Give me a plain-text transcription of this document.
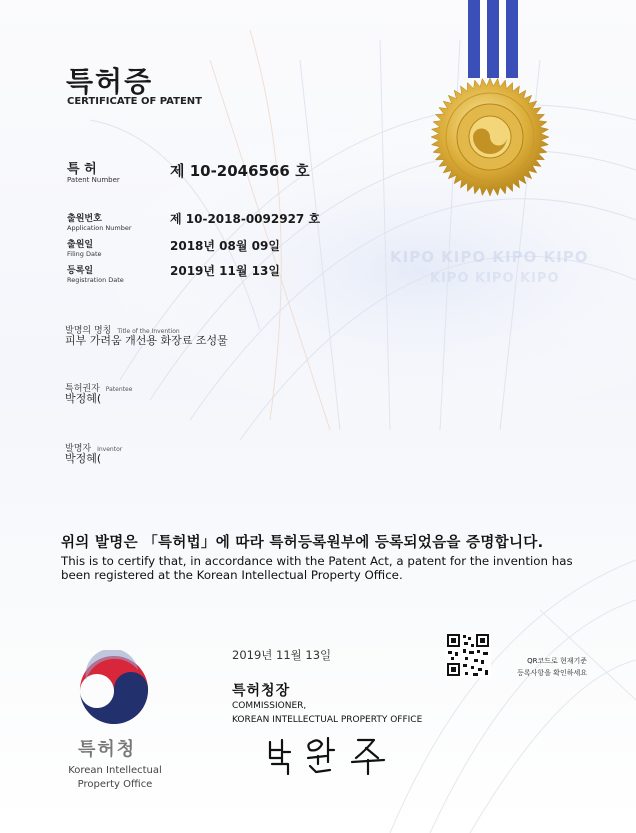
KIPO KIPO KIPO KIPO
KIPO KIPO KIPO
특허증
CERTIFICATE OF PATENT
특 허
Patent Number	제 10-2046566 호
출원번호
Application Number
제 10-2018-0092927 호
출원일
Filing Date
2018년 08월 09일
등록일
Registration Date
2019년 11월 13일
발명의 명칭 Title of the Invention
피부 가려움 개선용 화장료 조성물
특허권자 Patentee
박정혜(
발명자 Inventor
박정혜(
위의 발명은 「특허법」에 따라 특허등록원부에 등록되었음을 증명합니다.
This is to certify that, in accordance with the Patent Act, a patent for the invention has been registered at the Korean Intellectual Property Office.
2019년 11월 13일
특허청장
COMMISSIONER,
KOREAN INTELLECTUAL PROPERTY OFFICE
QR코드로 현재기준
등록사항을 확인하세요
특허청
Korean Intellectual Property Office
